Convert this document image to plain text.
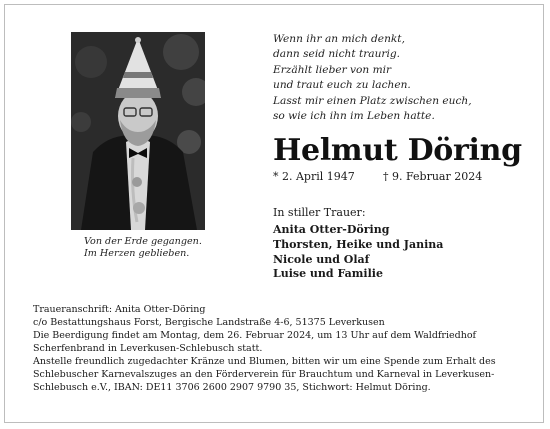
Von der Erde gegangen.
Im Herzen geblieben.
Wenn ihr an mich denkt,
dann seid nicht traurig.
Erzählt lieber von mir
und traut euch zu lachen.
Lasst mir einen Platz zwischen euch,
so wie ich ihn im Leben hatte.
Helmut Döring
* 2. April 1947	† 9. Februar 2024
In stiller Trauer:
Anita Otter-Döring
Thorsten, Heike und Janina
Nicole und Olaf
Luise und Familie
Traueranschrift: Anita Otter-Döring
c/o Bestattungshaus Forst, Bergische Landstraße 4-6, 51375 Leverkusen
Die Beerdigung findet am Montag, dem 26. Februar 2024, um 13 Uhr auf dem Waldfriedhof
Scherfenbrand in Leverkusen-Schlebusch statt.
Anstelle freundlich zugedachter Kränze und Blumen, bitten wir um eine Spende zum Erhalt des
Schlebuscher Karnevalszuges an den Förderverein für Brauchtum und Karneval in Leverkusen-
Schlebusch e.V., IBAN: DE11 3706 2600 2907 9790 35, Stichwort: Helmut Döring.
